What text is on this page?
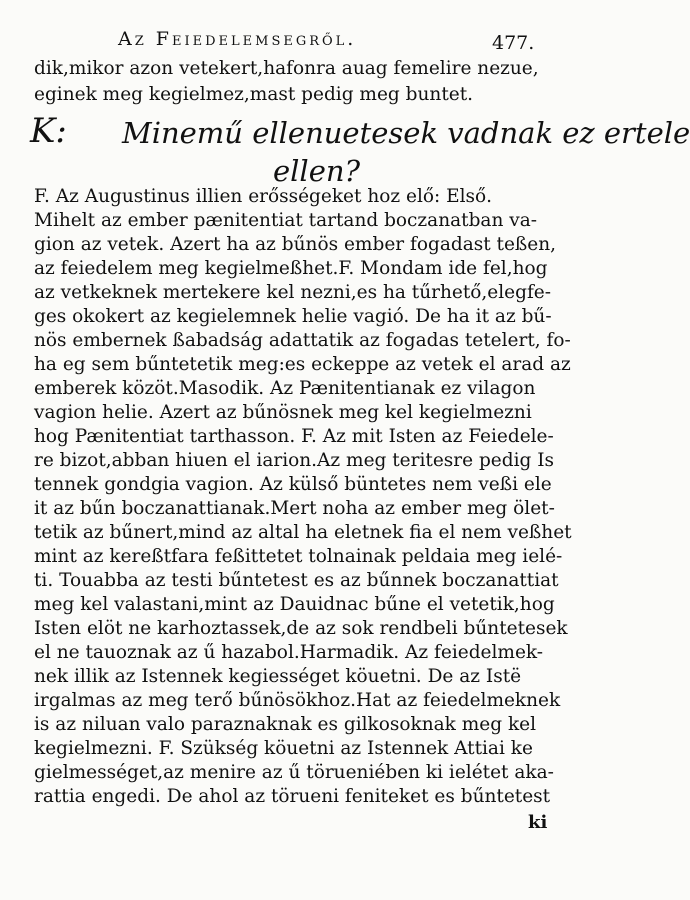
Az Feiedelemsegről.	477.
dik,mikor azon vetekert,hafonra auag femelire nezue,
eginek meg kegielmez,mast pedig meg buntet.
K: Minemű ellenuetesek vadnak ez ertele
ellen?
F. Az Augustinus illien erősségeket hoz elő: Első.
Mihelt az ember pænitentiat tartand boczanatban va-
gion az vetek. Azert ha az bűnös ember fogadast teßen,
az feiedelem meg kegielmeßhet.F. Mondam ide fel,hog
az vetkeknek mertekere kel nezni,es ha tűrhető,elegfe-
ges okokert az kegielemnek helie vagió. De ha it az bű-
nös embernek ßabadság adattatik az fogadas tetelert, fo-
ha eg sem bűntetetik meg:es eckeppe az vetek el arad az
emberek közöt.Masodik. Az Pænitentianak ez vilagon
vagion helie. Azert az bűnösnek meg kel kegielmezni
hog Pænitentiat tarthasson. F. Az mit Isten az Feiedele-
re bizot,abban hiuen el iarion.Az meg teritesre pedig Is
tennek gondgia vagion. Az külső büntetes nem veßi ele
it az bűn boczanattianak.Mert noha az ember meg ölet-
tetik az bűnert,mind az altal ha eletnek fia el nem veßhet
mint az kereßtfara feßittetet tolnainak peldaia meg ielé-
ti. Touabba az testi bűntetest es az bűnnek boczanattiat
meg kel valastani,mint az Dauidnac bűne el vetetik,hog
Isten elöt ne karhoztassek,de az sok rendbeli bűntetesek
el ne tauoznak az ű hazabol.Harmadik. Az feiedelmek-
nek illik az Istennek kegiességet köuetni. De az Istë
irgalmas az meg terő bűnösökhoz.Hat az feiedelmeknek
is az niluan valo paraznaknak es gilkosoknak meg kel
kegielmezni. F. Szükség köuetni az Istennek Attiai ke
gielmességet,az menire az ű törueniében ki ielétet aka-
rattia engedi. De ahol az törueni feniteket es bűntetest
ki
